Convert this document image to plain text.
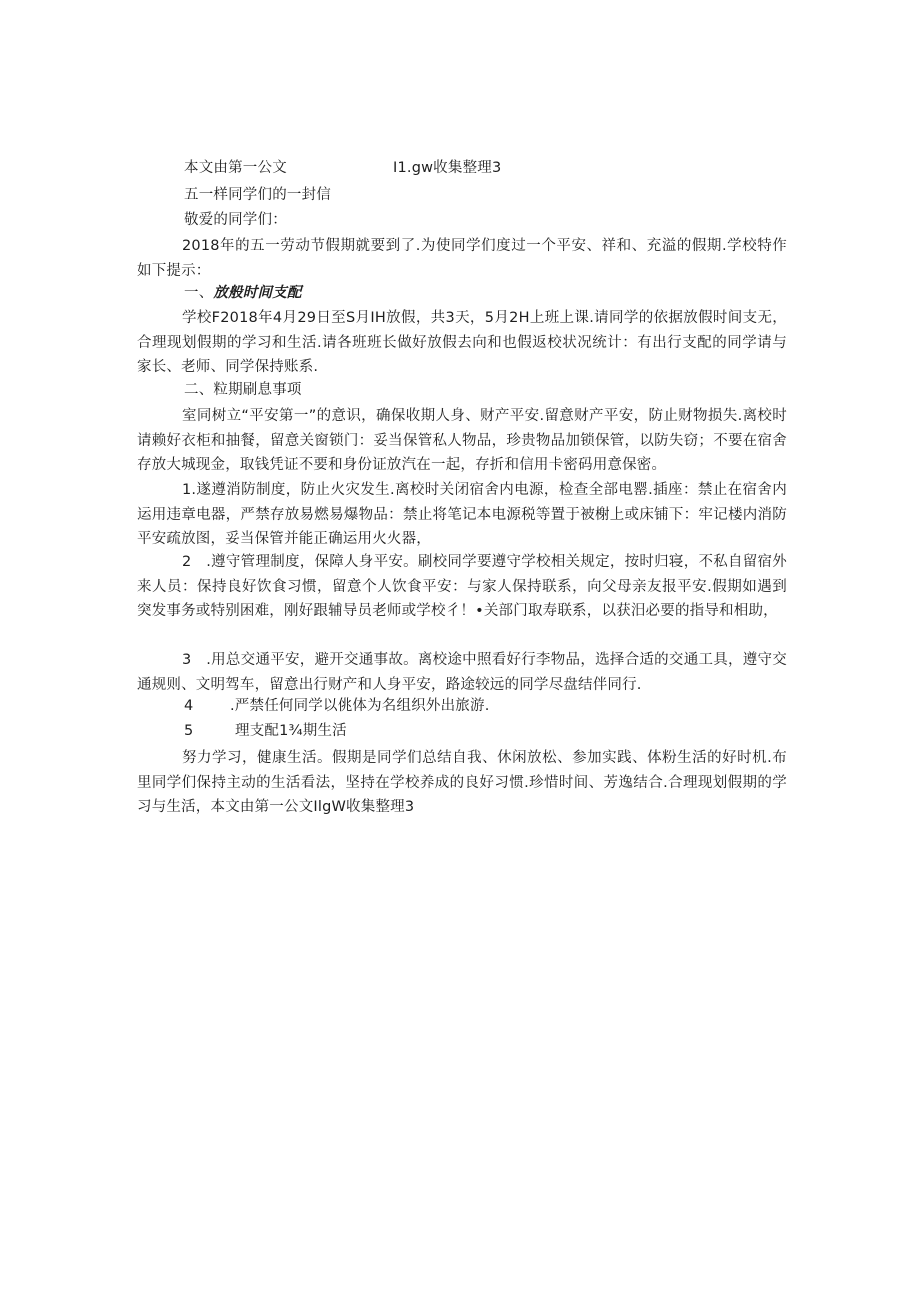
本文由第一公文	I1.gw收集整理3
五一样同学们的一封信
敬爱的同学们：
2018年的五一劳动节假期就要到了.为使同学们度过一个平安、祥和、充溢的假期.学校特作如下提示：
一、放般时间支配
学校F2018年4月29日至S月IH放假，共3天，5月2H上班上课.请同学的依据放假时间支无，合理现划假期的学习和生活.请各班班长做好放假去向和也假返校状况统计：有出行支配的同学请与家长、老师、同学保持账系.
二、粒期刷息事项
室同树立“平安第一”的意识，确保收期人身、财产平安.留意财产平安，防止财物损失.离校时请赖好衣柜和抽餐，留意关窗锁门：妥当保管私人物品，珍贵物品加锁保管，以防失窃；不要在宿舍存放大城现金，取钱凭证不要和身份证放汽在一起，存折和信用卡密码用意保密。
1.遂遵消防制度，防止火灾发生.离校时关闭宿舍内电源，检查全部电罂.插座：禁止在宿舍内运用违章电器，严禁存放易燃易爆物品：禁止将笔记本电源税等置于被榭上或床铺下：牢记楼内消防平安疏放图，妥当保管并能正确运用火火器，
2　.遵守管理制度，保障人身平安。刷校同学要遵守学校相关规定，按时归寝，不私自留宿外来人员：保持良好饮食习惯，留意个人饮食平安：与家人保持联系，向父母亲友报平安.假期如遇到突发事务或特别困难，刚好跟辅导员老师或学校彳！•关部门取寿联系，以获汨必要的指导和相助，
3　.用总交通平安，避开交通事故。离校途中照看好行李物品，选择合适的交通工具，遵守交通规则、文明驾车，留意出行财产和人身平安，路途较远的同学尽盘结伴同行.
4	.严禁任何同学以佻体为名组织外出旅游.
5	理支配1¾期生活
努力学习，健康生活。假期是同学们总结自我、休闲放松、参加实践、体粉生活的好时机.布里同学们保持主动的生活看法，坚持在学校养成的良好习惯.珍惜时间、芳逸结合.合理现划假期的学习与生活，本文由第一公文IlgW收集整理3
